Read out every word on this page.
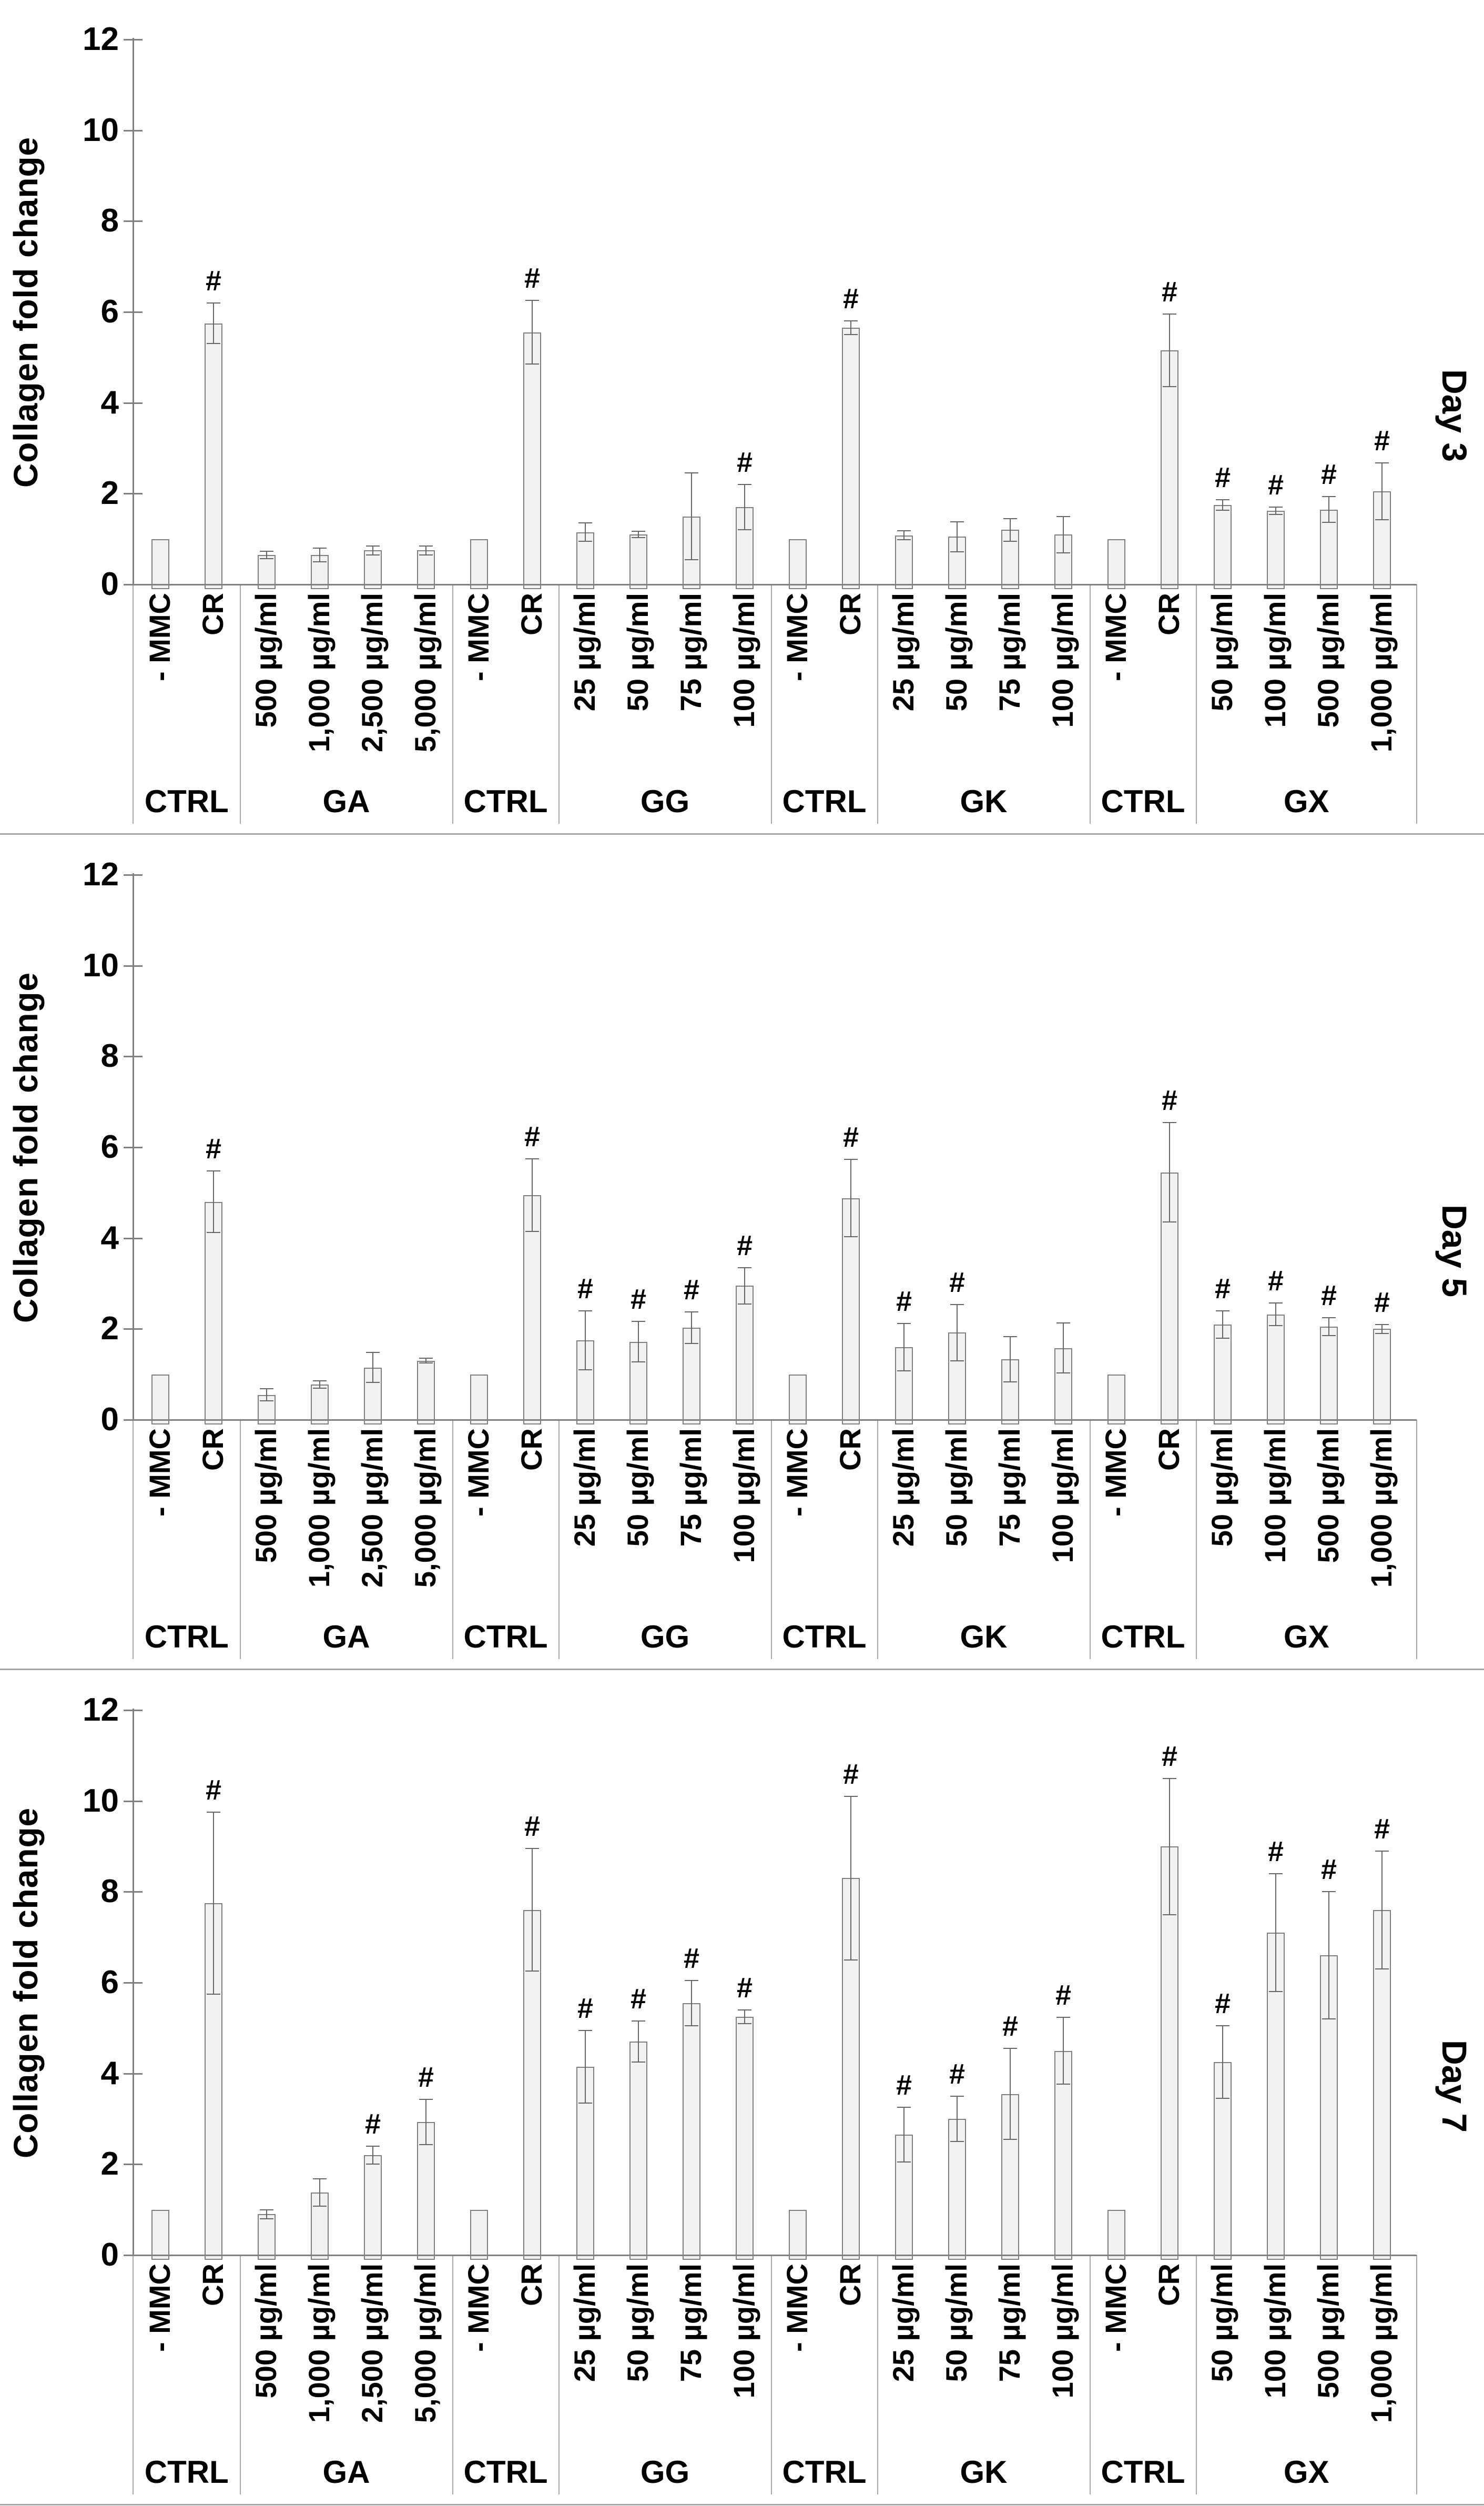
Collagen fold change
0
2
4
6
8
10
12
- MMC
#
CR
CTRL
500 µg/ml 1,000 µg/ml 2,500 µg/ml 5,000 µg/ml
GA
- MMC
#
CR
CTRL
25 µg/ml 50 µg/ml 75 µg/ml
#
100 µg/ml
GG
- MMC
#
CR
CTRL
25 µg/ml 50 µg/ml 75 µg/ml 100 µg/ml
GK
- MMC
#
CR
CTRL
#
50 µg/ml
#
100 µg/ml
#
500 µg/ml
#
1,000 µg/ml
GX
Day 3
Collagen fold change
0
2
4
6
8
10
12
- MMC
#
CR
CTRL
500 µg/ml 1,000 µg/ml 2,500 µg/ml 5,000 µg/ml
GA
- MMC
#
CR
CTRL
#
25 µg/ml
#
50 µg/ml
#
75 µg/ml
#
100 µg/ml
GG
- MMC
#
CR
CTRL
#
25 µg/ml
#
50 µg/ml 75 µg/ml 100 µg/ml
GK
- MMC
#
CR
CTRL
#
50 µg/ml
#
100 µg/ml
#
500 µg/ml
#
1,000 µg/ml
GX
Day 5
Collagen fold change
0
2
4
6
8
10
12
- MMC
#
CR
CTRL
500 µg/ml 1,000 µg/ml
#
2,500 µg/ml
#
5,000 µg/ml
GA
- MMC
#
CR
CTRL
#
25 µg/ml
#
50 µg/ml
#
75 µg/ml
#
100 µg/ml
GG
- MMC
#
CR
CTRL
#
25 µg/ml
#
50 µg/ml
#
75 µg/ml
#
100 µg/ml
GK
- MMC
#
CR
CTRL
#
50 µg/ml
#
100 µg/ml
#
500 µg/ml
#
1,000 µg/ml
GX
Day 7
